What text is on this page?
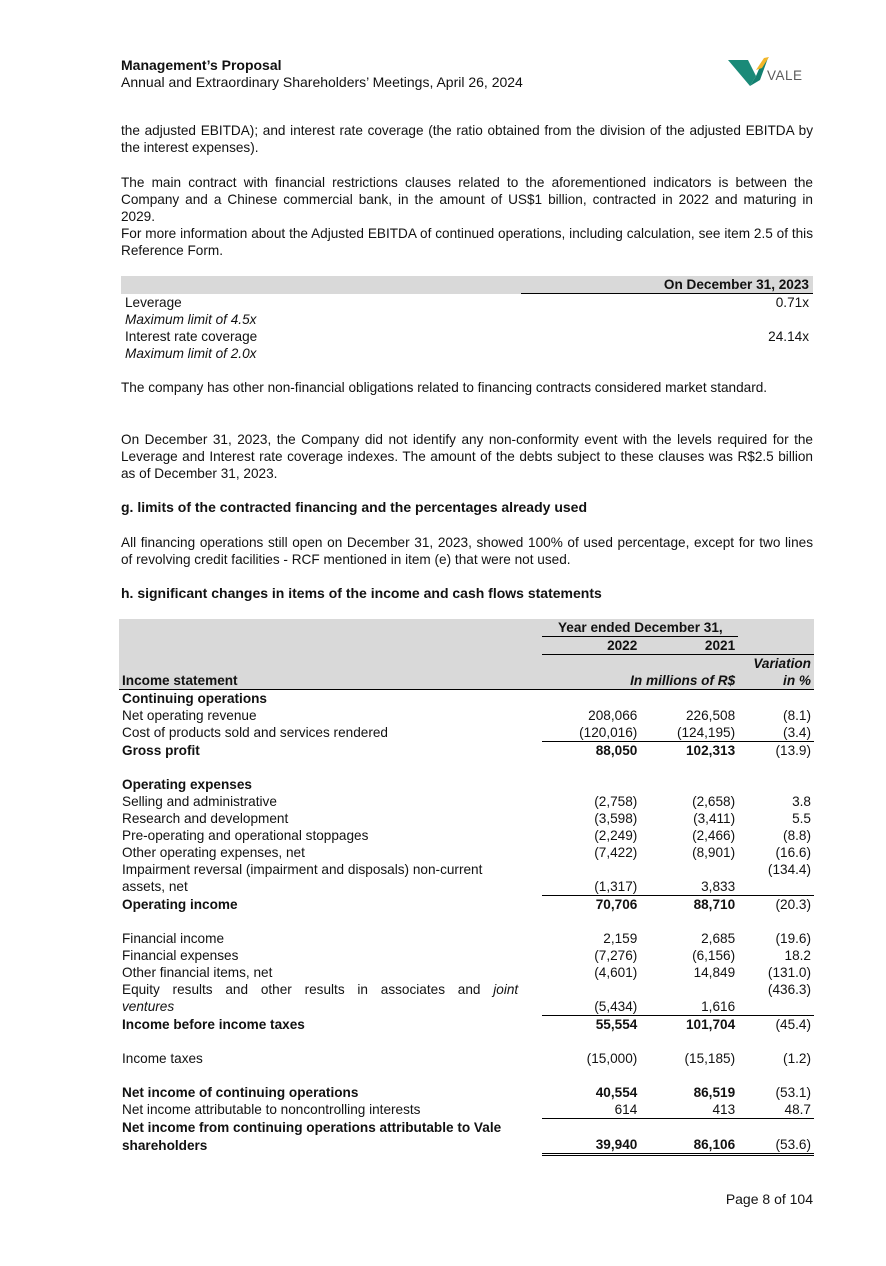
Management’s Proposal
Annual and Extraordinary Shareholders’ Meetings, April 26, 2024	VALE
the adjusted EBITDA); and interest rate coverage (the ratio obtained from the division of the adjusted EBITDA by the interest expenses).
The main contract with financial restrictions clauses related to the aforementioned indicators is between the Company and a Chinese commercial bank, in the amount of US$1 billion, contracted in 2022 and maturing in 2029.
For more information about the Adjusted EBITDA of continued operations, including calculation, see item 2.5 of this Reference Form.
	On December 31, 2023
Leverage	0.71x
Maximum limit of 4.5x	
Interest rate coverage	24.14x
Maximum limit of 2.0x	
The company has other non-financial obligations related to financing contracts considered market standard.
On December 31, 2023, the Company did not identify any non-conformity event with the levels required for the Leverage and Interest rate coverage indexes. The amount of the debts subject to these clauses was R$2.5 billion as of December 31, 2023.
g. limits of the contracted financing and the percentages already used
All financing operations still open on December 31, 2023, showed 100% of used percentage, except for two lines of revolving credit facilities - RCF mentioned in item (e) that were not used.
h. significant changes in items of the income and cash flows statements
	Year ended December 31,		
	2022	2021	
			Variation
Income statement	In millions of R$		in %
Continuing operations			
Net operating revenue	208,066	226,508	(8.1)
Cost of products sold and services rendered	(120,016)	(124,195)	(3.4)
Gross profit	88,050	102,313	(13.9)

Operating expenses			
Selling and administrative	(2,758)	(2,658)	3.8
Research and development	(3,598)	(3,411)	5.5
Pre-operating and operational stoppages	(2,249)	(2,466)	(8.8)
Other operating expenses, net	(7,422)	(8,901)	(16.6)
Impairment reversal (impairment and disposals) non-current			(134.4)
assets, net	(1,317)	3,833	
Operating income	70,706	88,710	(20.3)

Financial income	2,159	2,685	(19.6)
Financial expenses	(7,276)	(6,156)	18.2
Other financial items, net	(4,601)	14,849	(131.0)
Equity results and other results in associates and joint			(436.3)
ventures	(5,434)	1,616	
Income before income taxes	55,554	101,704	(45.4)

Income taxes	(15,000)	(15,185)	(1.2)

Net income of continuing operations	40,554	86,519	(53.1)
Net income attributable to noncontrolling interests	614	413	48.7
Net income from continuing operations attributable to Vale			
shareholders	39,940	86,106	(53.6)
Page 8 of 104
